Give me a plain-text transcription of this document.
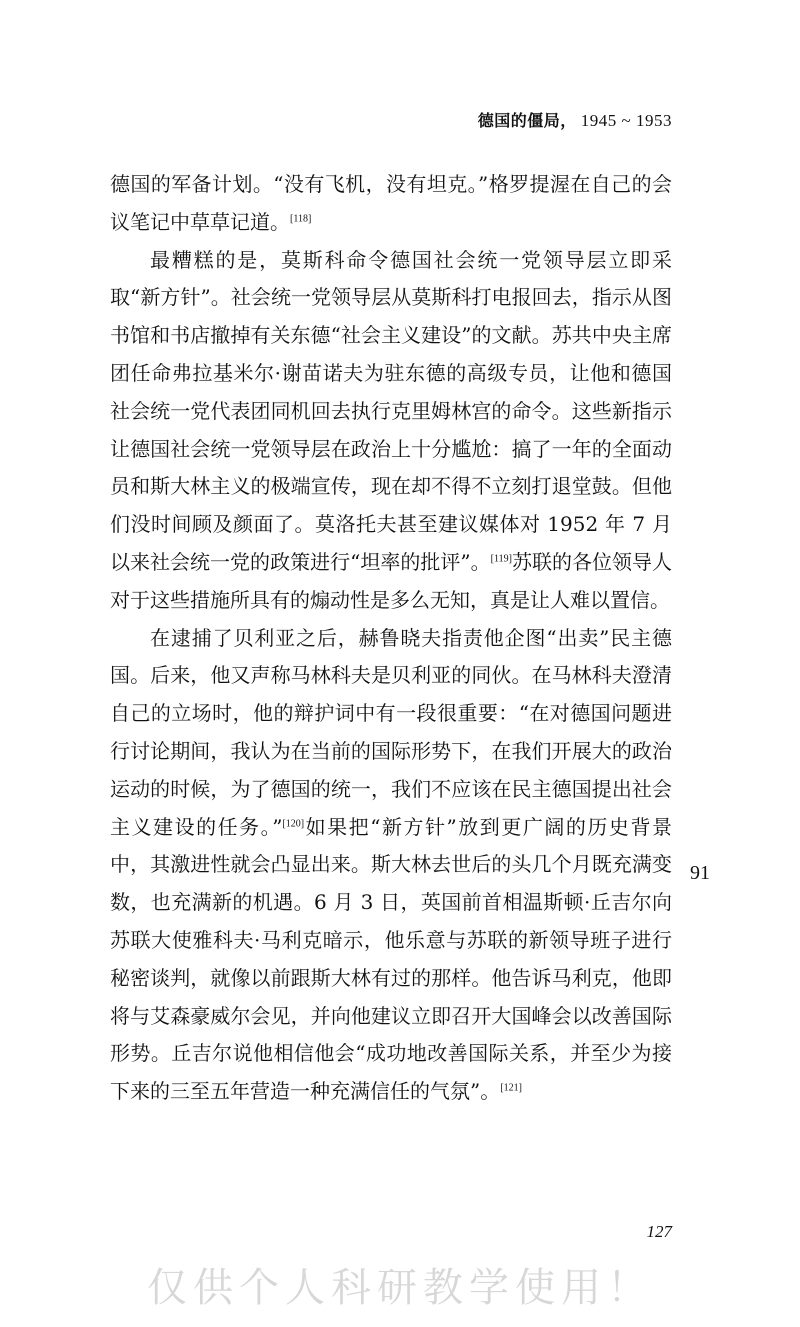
德国的僵局， 1945 ~ 1953

德国的军备计划。“没有飞机，没有坦克。”格罗提渥在自己的会议笔记中草草记道。[118]

最糟糕的是，莫斯科命令德国社会统一党领导层立即采取“新方针”。社会统一党领导层从莫斯科打电报回去，指示从图书馆和书店撤掉有关东德“社会主义建设”的文献。苏共中央主席团任命弗拉基米尔·谢苗诺夫为驻东德的高级专员，让他和德国社会统一党代表团同机回去执行克里姆林宫的命令。这些新指示让德国社会统一党领导层在政治上十分尴尬：搞了一年的全面动员和斯大林主义的极端宣传，现在却不得不立刻打退堂鼓。但他们没时间顾及颜面了。莫洛托夫甚至建议媒体对 1952 年 7 月以来社会统一党的政策进行“坦率的批评”。[119]苏联的各位领导人对于这些措施所具有的煽动性是多么无知，真是让人难以置信。

在逮捕了贝利亚之后，赫鲁晓夫指责他企图“出卖”民主德国。后来，他又声称马林科夫是贝利亚的同伙。在马林科夫澄清自己的立场时，他的辩护词中有一段很重要：“在对德国问题进行讨论期间，我认为在当前的国际形势下，在我们开展大的政治运动的时候，为了德国的统一，我们不应该在民主德国提出社会主义建设的任务。”[120]如果把“新方针”放到更广阔的历史背景中，其激进性就会凸显出来。斯大林去世后的头几个月既充满变数，也充满新的机遇。6 月 3 日，英国前首相温斯顿·丘吉尔向苏联大使雅科夫·马利克暗示，他乐意与苏联的新领导班子进行秘密谈判，就像以前跟斯大林有过的那样。他告诉马利克，他即将与艾森豪威尔会见，并向他建议立即召开大国峰会以改善国际形势。丘吉尔说他相信他会“成功地改善国际关系，并至少为接下来的三至五年营造一种充满信任的气氛”。[121]

91
127
仅供个人科研教学使用！
